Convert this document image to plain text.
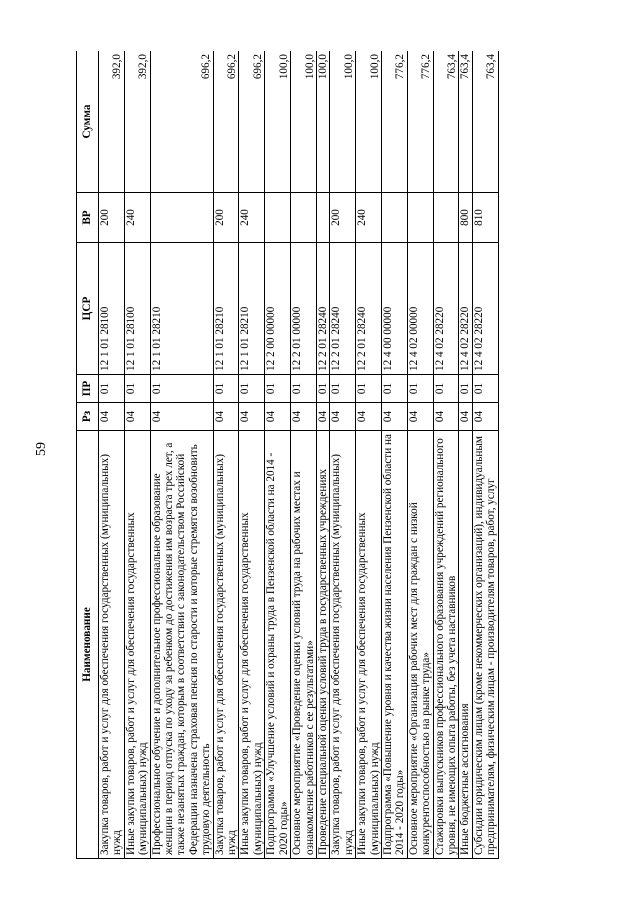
59
Наименование	Рз	ПР	ЦСР	ВР	Сумма
Закупка товаров, работ и услуг для обеспечения государственных (муниципальных) нужд	04	01	12 1 01 28100	200	392,0
Иные закупки товаров, работ и услуг для обеспечения государственных (муниципальных) нужд	04	01	12 1 01 28100	240	392,0
Профессиональное обучение и дополнительное профессиональное образование женщин в период отпуска по уходу за ребенком до достижения им возраста трех лет, а также незанятых граждан, которым в соответствии с законодательством Российской Федерации назначена страховая пенсия по старости и которые стремятся возобновить трудовую деятельность	04	01	12 1 01 28210		696,2
Закупка товаров, работ и услуг для обеспечения государственных (муниципальных) нужд	04	01	12 1 01 28210	200	696,2
Иные закупки товаров, работ и услуг для обеспечения государственных (муниципальных) нужд	04	01	12 1 01 28210	240	696,2
Подпрограмма «Улучшение условий и охраны труда в Пензенской области на 2014 - 2020 годы»	04	01	12 2 00 00000		100,0
Основное мероприятие «Проведение оценки условий труда на рабочих местах и ознакомление работников с ее результатами»	04	01	12 2 01 00000		100,0
Проведение специальной оценки условий труда в государственных учреждениях	04	01	12 2 01 28240		100,0
Закупка товаров, работ и услуг для обеспечения государственных (муниципальных) нужд	04	01	12 2 01 28240	200	100,0
Иные закупки товаров, работ и услуг для обеспечения государственных (муниципальных) нужд	04	01	12 2 01 28240	240	100,0
Подпрограмма «Повышение уровня и качества жизни населения Пензенской области на 2014 - 2020 годы»	04	01	12 4 00 00000		776,2
Основное мероприятие «Организация рабочих мест для граждан с низкой конкурентоспособностью на рынке труда»	04	01	12 4 02 00000		776,2
Стажировки выпускников профессионального образования учреждений регионального уровня, не имеющих опыта работы, без учета наставников	04	01	12 4 02 28220		763,4
Иные бюджетные ассигнования	04	01	12 4 02 28220	800	763,4
Субсидии юридическим лицам (кроме некоммерческих организаций), индивидуальным предпринимателям, физическим лицам - производителям товаров, работ, услуг	04	01	12 4 02 28220	810	763,4
